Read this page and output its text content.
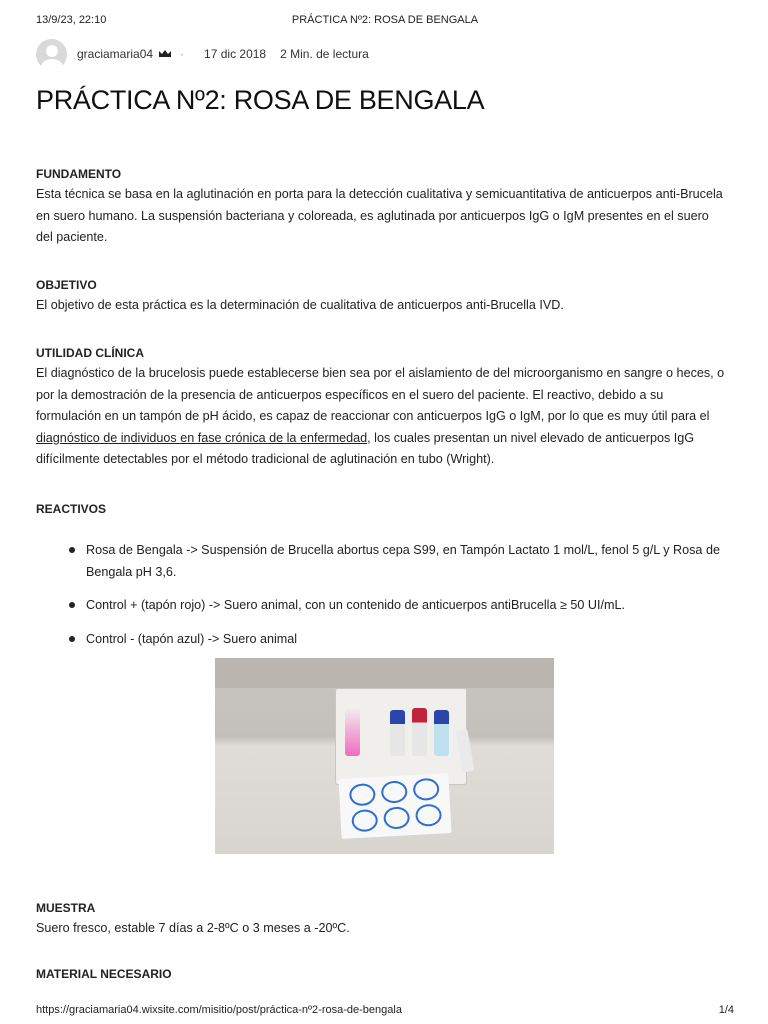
13/9/23, 22:10	PRÁCTICA Nº2: ROSA DE BENGALA
graciamaria04 · 17 dic 2018 2 Min. de lectura
PRÁCTICA Nº2: ROSA DE BENGALA

FUNDAMENTO

Esta técnica se basa en la aglutinación en porta para la detección cualitativa y semicuantitativa de anticuerpos anti-Brucela en suero humano. La suspensión bacteriana y coloreada, es aglutinada por anticuerpos IgG o IgM presentes en el suero del paciente.

OBJETIVO

El objetivo de esta práctica es la determinación de cualitativa de anticuerpos anti-Brucella IVD.

UTILIDAD CLÍNICA

El diagnóstico de la brucelosis puede establecerse bien sea por el aislamiento de del microorganismo en sangre o heces, o por la demostración de la presencia de anticuerpos específicos en el suero del paciente. El reactivo, debido a su formulación en un tampón de pH ácido, es capaz de reaccionar con anticuerpos IgG o IgM, por lo que es muy útil para el diagnóstico de individuos en fase crónica de la enfermedad, los cuales presentan un nivel elevado de anticuerpos IgG difícilmente detectables por el método tradicional de aglutinación en tubo (Wright).

REACTIVOS

Rosa de Bengala -> Suspensión de Brucella abortus cepa S99, en Tampón Lactato 1 mol/L, fenol 5 g/L y Rosa de Bengala pH 3,6.
Control + (tapón rojo) -> Suero animal, con un contenido de anticuerpos antiBrucella ≥ 50 UI/mL.
Control - (tapón azul) -> Suero animal

MUESTRA

Suero fresco, estable 7 días a 2-8ºC o 3 meses a -20ºC.

MATERIAL NECESARIO

https://graciamaria04.wixsite.com/misitio/post/práctica-nº2-rosa-de-bengala	1/4
